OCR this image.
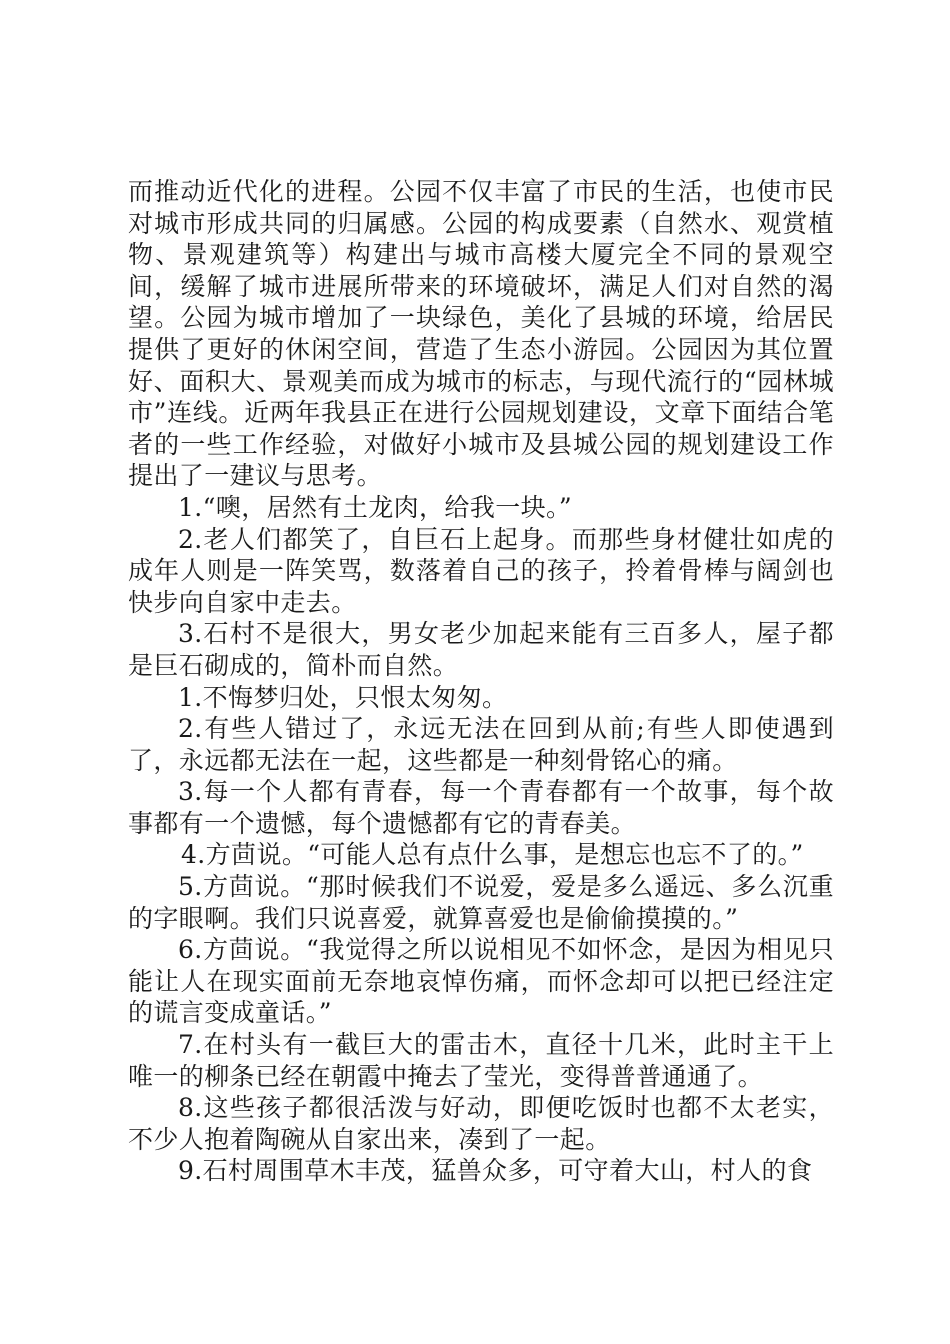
而推动近代化的进程。公园不仅丰富了市民的生活，也使市民对城市形成共同的归属感。公园的构成要素（自然水、观赏植物、景观建筑等）构建出与城市高楼大厦完全不同的景观空间，缓解了城市进展所带来的环境破坏，满足人们对自然的渴望。公园为城市增加了一块绿色，美化了县城的环境，给居民提供了更好的休闲空间，营造了生态小游园。公园因为其位置好、面积大、景观美而成为城市的标志，与现代流行的“园林城市”连线。近两年我县正在进行公园规划建设，文章下面结合笔者的一些工作经验，对做好小城市及县城公园的规划建设工作提出了一建议与思考。

1.“噢，居然有土龙肉，给我一块。”

2.老人们都笑了，自巨石上起身。而那些身材健壮如虎的成年人则是一阵笑骂，数落着自己的孩子，拎着骨棒与阔剑也快步向自家中走去。

3.石村不是很大，男女老少加起来能有三百多人，屋子都是巨石砌成的，简朴而自然。

1.不悔梦归处，只恨太匆匆。

2.有些人错过了，永远无法在回到从前;有些人即使遇到了，永远都无法在一起，这些都是一种刻骨铭心的痛。

3.每一个人都有青春，每一个青春都有一个故事，每个故事都有一个遗憾，每个遗憾都有它的青春美。

4.方茴说。“可能人总有点什么事，是想忘也忘不了的。”

5.方茴说。“那时候我们不说爱，爱是多么遥远、多么沉重的字眼啊。我们只说喜爱，就算喜爱也是偷偷摸摸的。”

6.方茴说。“我觉得之所以说相见不如怀念，是因为相见只能让人在现实面前无奈地哀悼伤痛，而怀念却可以把已经注定的谎言变成童话。”

7.在村头有一截巨大的雷击木，直径十几米，此时主干上唯一的柳条已经在朝霞中掩去了莹光，变得普普通通了。

8.这些孩子都很活泼与好动，即便吃饭时也都不太老实，不少人抱着陶碗从自家出来，凑到了一起。

9.石村周围草木丰茂，猛兽众多，可守着大山，村人的食
